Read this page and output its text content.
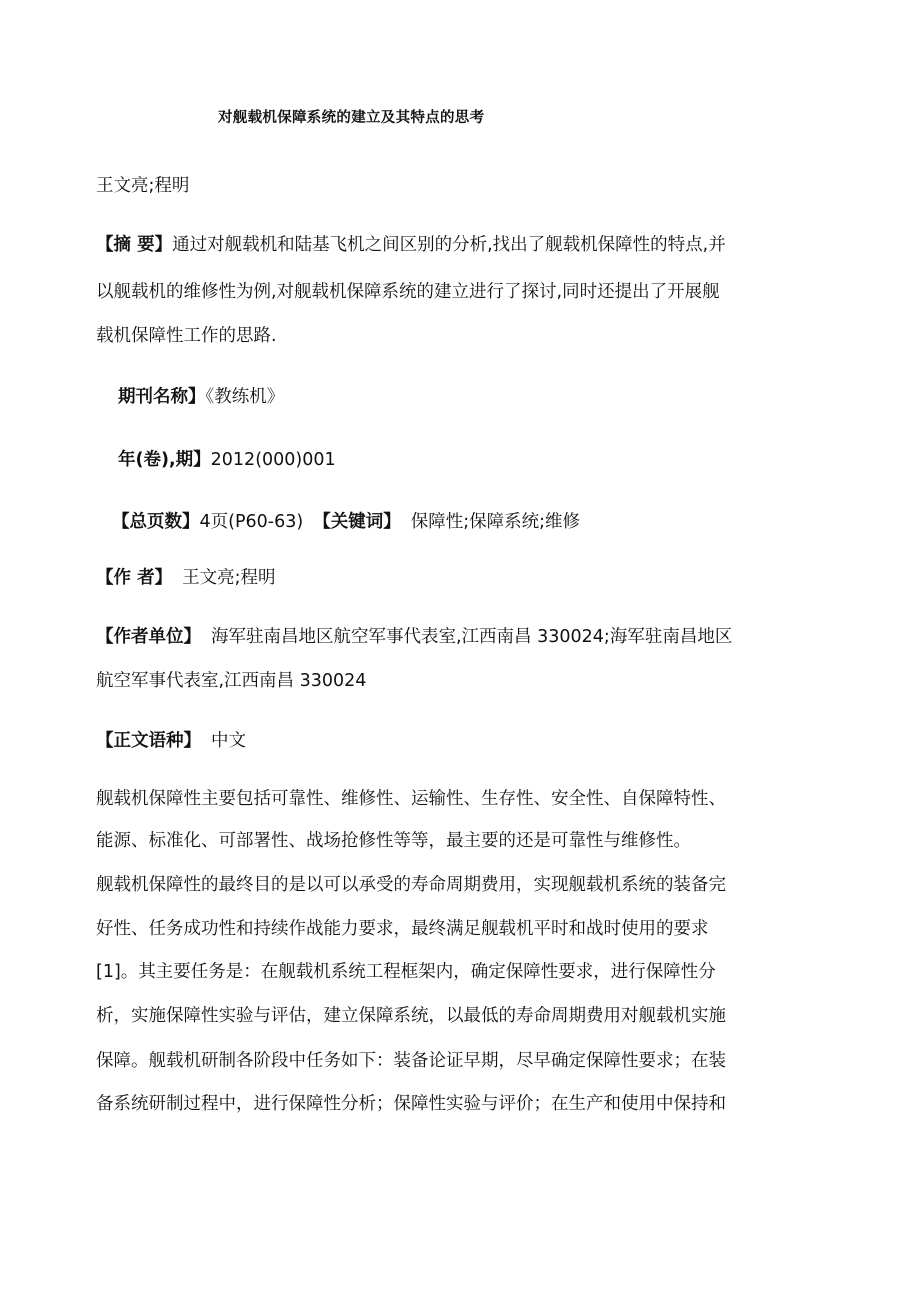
对舰载机保障系统的建立及其特点的思考
王文亮;程明
【摘 要】通过对舰载机和陆基飞机之间区别的分析,找出了舰载机保障性的特点,并
以舰载机的维修性为例,对舰载机保障系统的建立进行了探讨,同时还提出了开展舰
载机保障性工作的思路.
期刊名称】《教练机》
年(卷),期】2012(000)001
【总页数】4页(P60-63) 【关键词】 保障性;保障系统;维修
【作 者】 王文亮;程明
【作者单位】 海军驻南昌地区航空军事代表室,江西南昌 330024;海军驻南昌地区
航空军事代表室,江西南昌 330024
【正文语种】 中文
舰载机保障性主要包括可靠性、维修性、运输性、生存性、安全性、自保障特性、
能源、标准化、可部署性、战场抢修性等等，最主要的还是可靠性与维修性。
舰载机保障性的最终目的是以可以承受的寿命周期费用，实现舰载机系统的装备完
好性、任务成功性和持续作战能力要求，最终满足舰载机平时和战时使用的要求
[1]。其主要任务是：在舰载机系统工程框架内，确定保障性要求，进行保障性分
析，实施保障性实验与评估，建立保障系统，以最低的寿命周期费用对舰载机实施
保障。舰载机研制各阶段中任务如下：装备论证早期，尽早确定保障性要求；在装
备系统研制过程中，进行保障性分析；保障性实验与评价；在生产和使用中保持和
